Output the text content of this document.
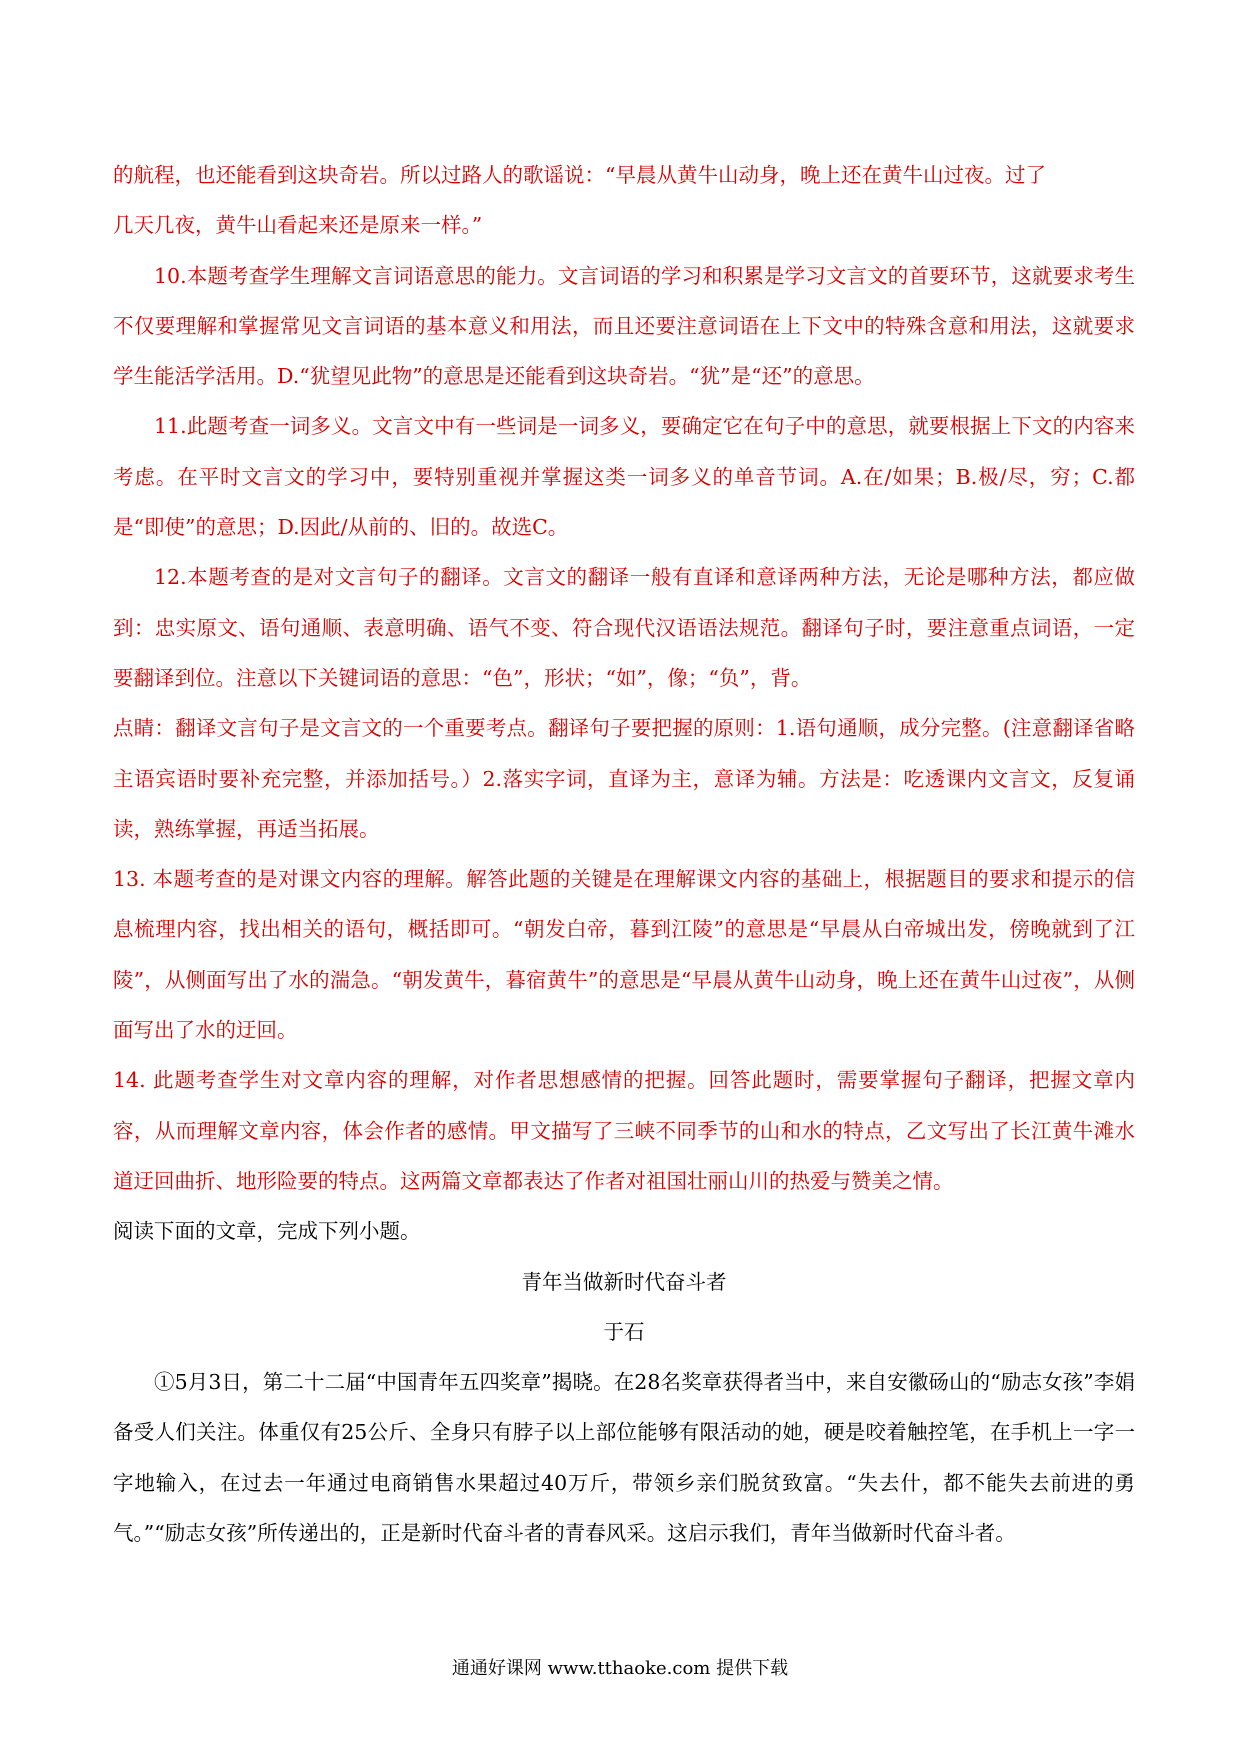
的航程，也还能看到这块奇岩。所以过路人的歌谣说：“早晨从黄牛山动身，晚上还在黄牛山过夜。过了

几天几夜，黄牛山看起来还是原来一样。”

10.本题考查学生理解文言词语意思的能力。文言词语的学习和积累是学习文言文的首要环节，这就要求考生不仅要理解和掌握常见文言词语的基本意义和用法，而且还要注意词语在上下文中的特殊含意和用法，这就要求学生能活学活用。D.“犹望见此物”的意思是还能看到这块奇岩。“犹”是“还”的意思。

11.此题考查一词多义。文言文中有一些词是一词多义，要确定它在句子中的意思，就要根据上下文的内容来考虑。在平时文言文的学习中，要特别重视并掌握这类一词多义的单音节词。A.在/如果；B.极/尽，穷；C.都是“即使”的意思；D.因此/从前的、旧的。故选C。

12.本题考查的是对文言句子的翻译。文言文的翻译一般有直译和意译两种方法，无论是哪种方法，都应做到：忠实原文、语句通顺、表意明确、语气不变、符合现代汉语语法规范。翻译句子时，要注意重点词语，一定要翻译到位。注意以下关键词语的意思：“色”，形状；“如”，像；“负”，背。

点睛：翻译文言句子是文言文的一个重要考点。翻译句子要把握的原则：1.语句通顺，成分完整。(注意翻译省略主语宾语时要补充完整，并添加括号。）2.落实字词，直译为主，意译为辅。方法是：吃透课内文言文，反复诵读，熟练掌握，再适当拓展。

13. 本题考查的是对课文内容的理解。解答此题的关键是在理解课文内容的基础上，根据题目的要求和提示的信息梳理内容，找出相关的语句，概括即可。“朝发白帝，暮到江陵”的意思是“早晨从白帝城出发，傍晚就到了江陵”，从侧面写出了水的湍急。“朝发黄牛，暮宿黄牛”的意思是“早晨从黄牛山动身，晚上还在黄牛山过夜”，从侧面写出了水的迂回。

14. 此题考查学生对文章内容的理解，对作者思想感情的把握。回答此题时，需要掌握句子翻译，把握文章内容，从而理解文章内容，体会作者的感情。甲文描写了三峡不同季节的山和水的特点，乙文写出了长江黄牛滩水道迂回曲折、地形险要的特点。这两篇文章都表达了作者对祖国壮丽山川的热爱与赞美之情。

阅读下面的文章，完成下列小题。

青年当做新时代奋斗者

于石

①5月3日，第二十二届“中国青年五四奖章”揭晓。在28名奖章获得者当中，来自安徽砀山的“励志女孩”李娟备受人们关注。体重仅有25公斤、全身只有脖子以上部位能够有限活动的她，硬是咬着触控笔，在手机上一字一字地输入，在过去一年通过电商销售水果超过40万斤，带领乡亲们脱贫致富。“失去什，都不能失去前进的勇气。”“励志女孩”所传递出的，正是新时代奋斗者的青春风采。这启示我们，青年当做新时代奋斗者。

通通好课网 www.tthaoke.com 提供下载
